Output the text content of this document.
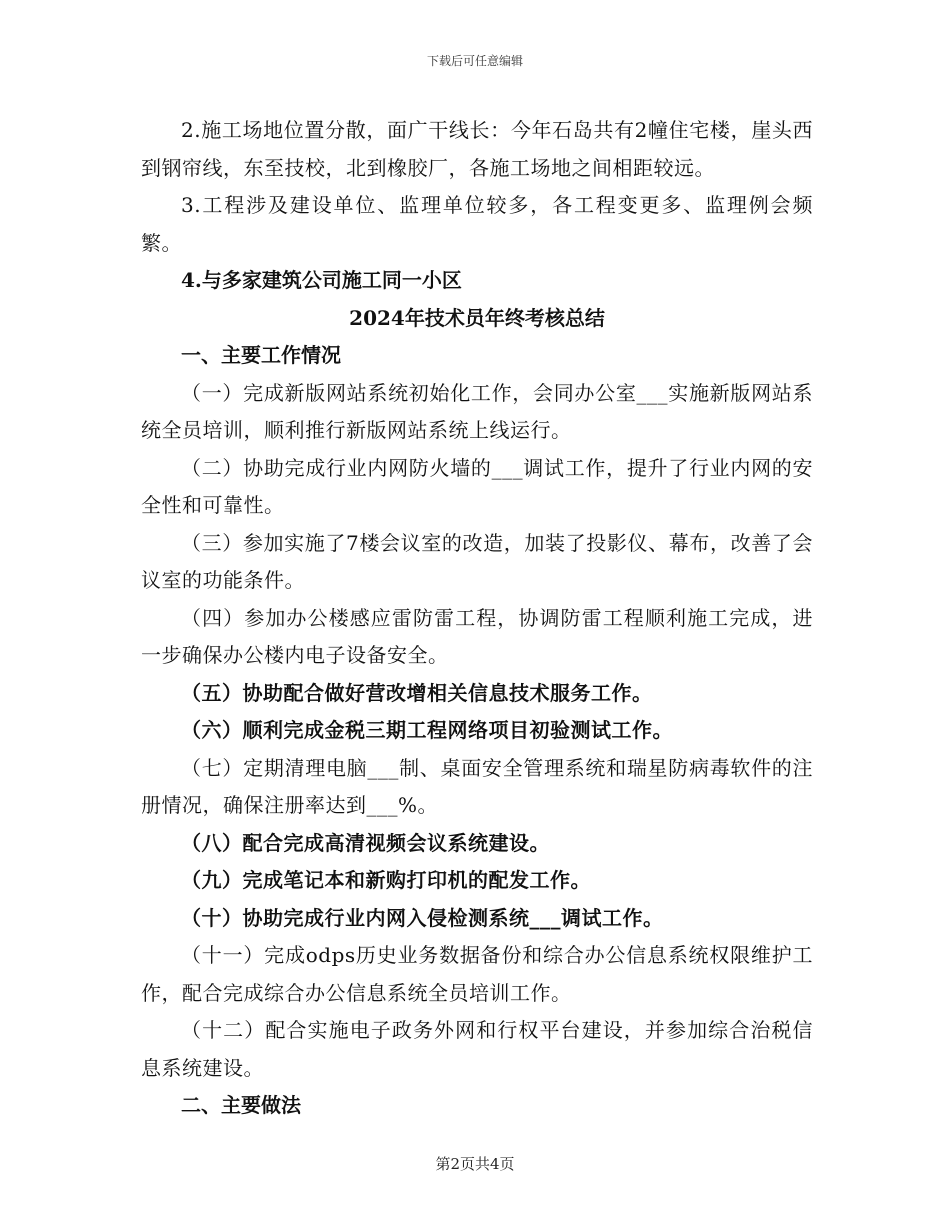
下载后可任意编辑

2.施工场地位置分散，面广干线长：今年石岛共有2幢住宅楼，崖头西到钢帘线，东至技校，北到橡胶厂，各施工场地之间相距较远。

3.工程涉及建设单位、监理单位较多，各工程变更多、监理例会频繁。

4.与多家建筑公司施工同一小区

2024年技术员年终考核总结

一、主要工作情况

（一）完成新版网站系统初始化工作，会同办公室___实施新版网站系统全员培训，顺利推行新版网站系统上线运行。

（二）协助完成行业内网防火墙的___调试工作，提升了行业内网的安全性和可靠性。

（三）参加实施了7楼会议室的改造，加装了投影仪、幕布，改善了会议室的功能条件。

（四）参加办公楼感应雷防雷工程，协调防雷工程顺利施工完成，进一步确保办公楼内电子设备安全。

（五）协助配合做好营改增相关信息技术服务工作。

（六）顺利完成金税三期工程网络项目初验测试工作。

（七）定期清理电脑___制、桌面安全管理系统和瑞星防病毒软件的注册情况，确保注册率达到___%。

（八）配合完成高清视频会议系统建设。

（九）完成笔记本和新购打印机的配发工作。

（十）协助完成行业内网入侵检测系统___调试工作。

（十一）完成odps历史业务数据备份和综合办公信息系统权限维护工作，配合完成综合办公信息系统全员培训工作。

（十二）配合实施电子政务外网和行权平台建设，并参加综合治税信息系统建设。

二、主要做法

第2页共4页
